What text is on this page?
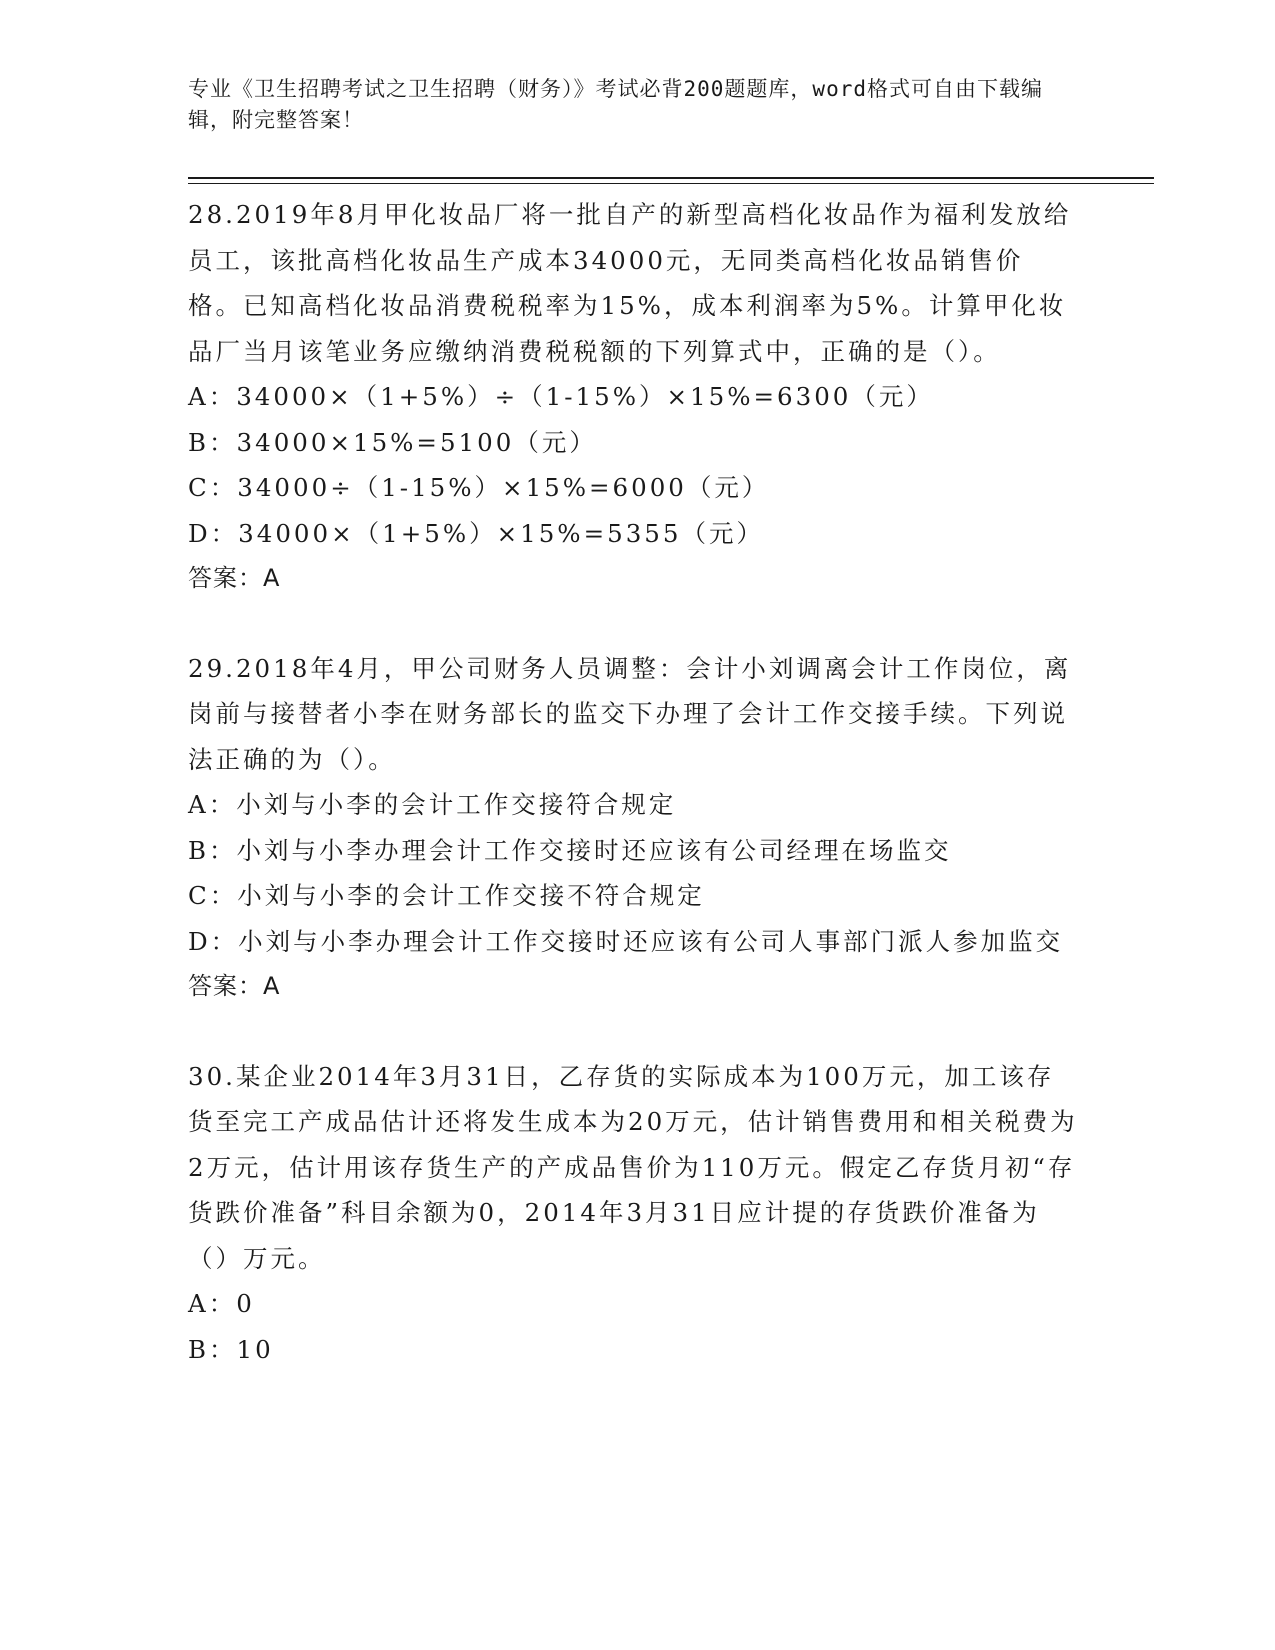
专业《卫生招聘考试之卫生招聘（财务）》考试必背200题题库，word格式可自由下载编辑，附完整答案！
28.2019年8月甲化妆品厂将一批自产的新型高档化妆品作为福利发放给员工，该批高档化妆品生产成本34000元，无同类高档化妆品销售价格。已知高档化妆品消费税税率为15%，成本利润率为5%。计算甲化妆品厂当月该笔业务应缴纳消费税税额的下列算式中，正确的是（）。
A：34000×（1+5%）÷（1-15%）×15%=6300（元）
B：34000×15%=5100（元）
C：34000÷（1-15%）×15%=6000（元）
D：34000×（1+5%）×15%=5355（元）
答案：A
29.2018年4月，甲公司财务人员调整：会计小刘调离会计工作岗位，离岗前与接替者小李在财务部长的监交下办理了会计工作交接手续。下列说法正确的为（）。
A：小刘与小李的会计工作交接符合规定
B：小刘与小李办理会计工作交接时还应该有公司经理在场监交
C：小刘与小李的会计工作交接不符合规定
D：小刘与小李办理会计工作交接时还应该有公司人事部门派人参加监交
答案：A
30.某企业2014年3月31日，乙存货的实际成本为100万元，加工该存货至完工产成品估计还将发生成本为20万元，估计销售费用和相关税费为2万元，估计用该存货生产的产成品售价为110万元。假定乙存货月初“存货跌价准备”科目余额为0，2014年3月31日应计提的存货跌价准备为（）万元。
A：0
B：10
